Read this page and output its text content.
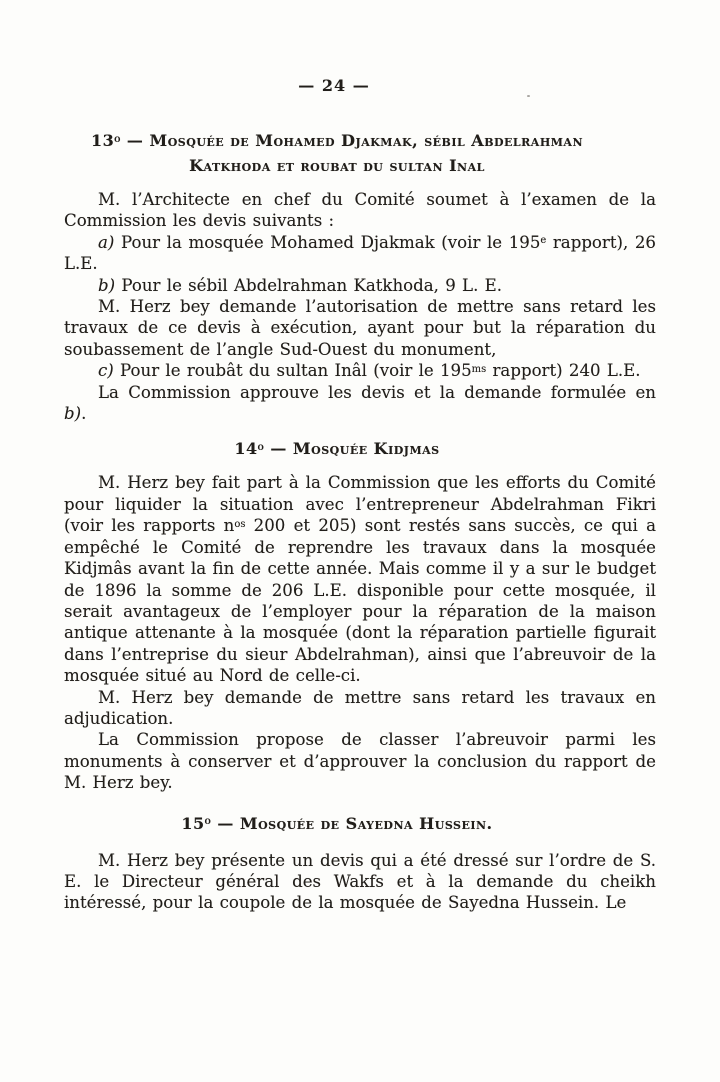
— 24 —
13$^o$ — Mosquée de Mohamed Djakmak, sébil Abdelrahman
Katkhoda et roubat du sultan Inal

M. l’Architecte en chef du Comité soumet à l’examen de la Commission les devis suivants :

a) Pour la mosquée Mohamed Djakmak (voir le 195e rapport), 26 L.E.

b) Pour le sébil Abdelrahman Katkhoda, 9 L. E.

M. Herz bey demande l’autorisation de mettre sans retard les travaux de ce devis à exécution, ayant pour but la réparation du soubassement de l’angle Sud-Ouest du monument,

c) Pour le roubât du sultan Inâl (voir le $195^{ms}$ rapport) 240 L.E.

La Commission approuve les devis et la demande formulée en b).

14$^o$ — Mosquée Kidjmas

M. Herz bey fait part à la Commission que les efforts du Comité pour liquider la situation avec l’entrepreneur Abdelrahman Fikri (voir les rapports $n^{os}$ 200 et 205) sont restés sans succès, ce qui a empêché le Comité de reprendre les travaux dans la mosquée Kidjmâs avant la fin de cette année. Mais comme il y a sur le budget de 1896 la somme de 206 L.E. disponible pour cette mosquée, il serait avantageux de l’employer pour la réparation de la maison antique attenante à la mosquée (dont la réparation partielle figurait dans l’entreprise du sieur Abdelrahman), ainsi que l’abreuvoir de la mosquée situé au Nord de celle-ci.

M. Herz bey demande de mettre sans retard les travaux en adjudication.

La Commission propose de classer l’abreuvoir parmi les monuments à conserver et d’approuver la conclusion du rapport de M. Herz bey.

15$^o$ — Mosquée de Sayedna Hussein.

M. Herz bey présente un devis qui a été dressé sur l’ordre de S. E. le Directeur général des Wakfs et à la demande du cheikh intéressé, pour la coupole de la mosquée de Sayedna Hussein. Le
